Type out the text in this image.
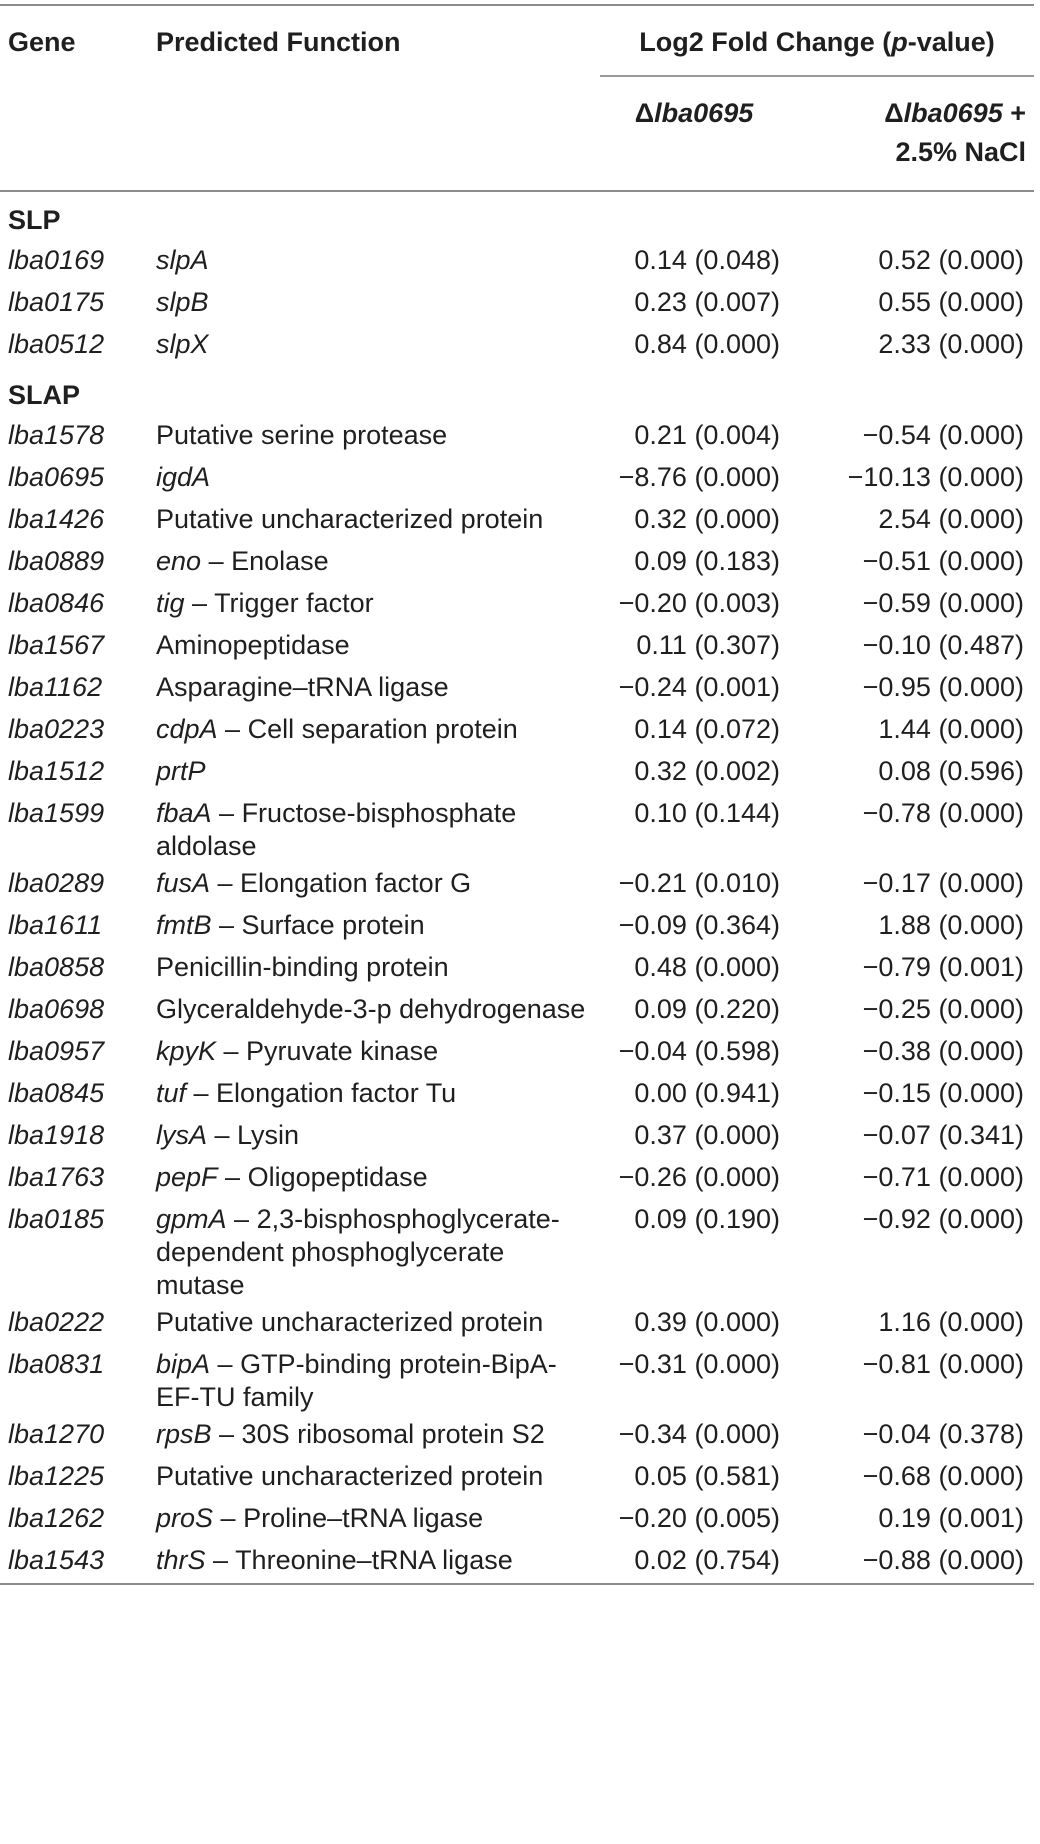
Gene	Predicted Function	Log2 Fold Change (p-value)	
		Δlba0695	Δlba0695 +
2.5% NaCl

SLP			
lba0169	slpA	0.14 (0.048)	0.52 (0.000)
lba0175	slpB	0.23 (0.007)	0.55 (0.000)
lba0512	slpX	0.84 (0.000)	2.33 (0.000)
SLAP			
lba1578	Putative serine protease	0.21 (0.004)	−0.54 (0.000)
lba0695	igdA	−8.76 (0.000)	−10.13 (0.000)
lba1426	Putative uncharacterized protein	0.32 (0.000)	2.54 (0.000)
lba0889	eno – Enolase	0.09 (0.183)	−0.51 (0.000)
lba0846	tig – Trigger factor	−0.20 (0.003)	−0.59 (0.000)
lba1567	Aminopeptidase	0.11 (0.307)	−0.10 (0.487)
lba1162	Asparagine–tRNA ligase	−0.24 (0.001)	−0.95 (0.000)
lba0223	cdpA – Cell separation protein	0.14 (0.072)	1.44 (0.000)
lba1512	prtP	0.32 (0.002)	0.08 (0.596)
lba1599	fbaA – Fructose-bisphosphate aldolase	0.10 (0.144)	−0.78 (0.000)
lba0289	fusA – Elongation factor G	−0.21 (0.010)	−0.17 (0.000)
lba1611	fmtB – Surface protein	−0.09 (0.364)	1.88 (0.000)
lba0858	Penicillin-binding protein	0.48 (0.000)	−0.79 (0.001)
lba0698	Glyceraldehyde-3-p dehydrogenase	0.09 (0.220)	−0.25 (0.000)
lba0957	kpyK – Pyruvate kinase	−0.04 (0.598)	−0.38 (0.000)
lba0845	tuf – Elongation factor Tu	0.00 (0.941)	−0.15 (0.000)
lba1918	lysA – Lysin	0.37 (0.000)	−0.07 (0.341)
lba1763	pepF – Oligopeptidase	−0.26 (0.000)	−0.71 (0.000)
lba0185	gpmA – 2,3-bisphosphoglycerate-dependent phosphoglycerate mutase	0.09 (0.190)	−0.92 (0.000)
lba0222	Putative uncharacterized protein	0.39 (0.000)	1.16 (0.000)
lba0831	bipA – GTP-binding protein-BipA-EF-TU family	−0.31 (0.000)	−0.81 (0.000)
lba1270	rpsB – 30S ribosomal protein S2	−0.34 (0.000)	−0.04 (0.378)
lba1225	Putative uncharacterized protein	0.05 (0.581)	−0.68 (0.000)
lba1262	proS – Proline–tRNA ligase	−0.20 (0.005)	0.19 (0.001)
lba1543	thrS – Threonine–tRNA ligase	0.02 (0.754)	−0.88 (0.000)
